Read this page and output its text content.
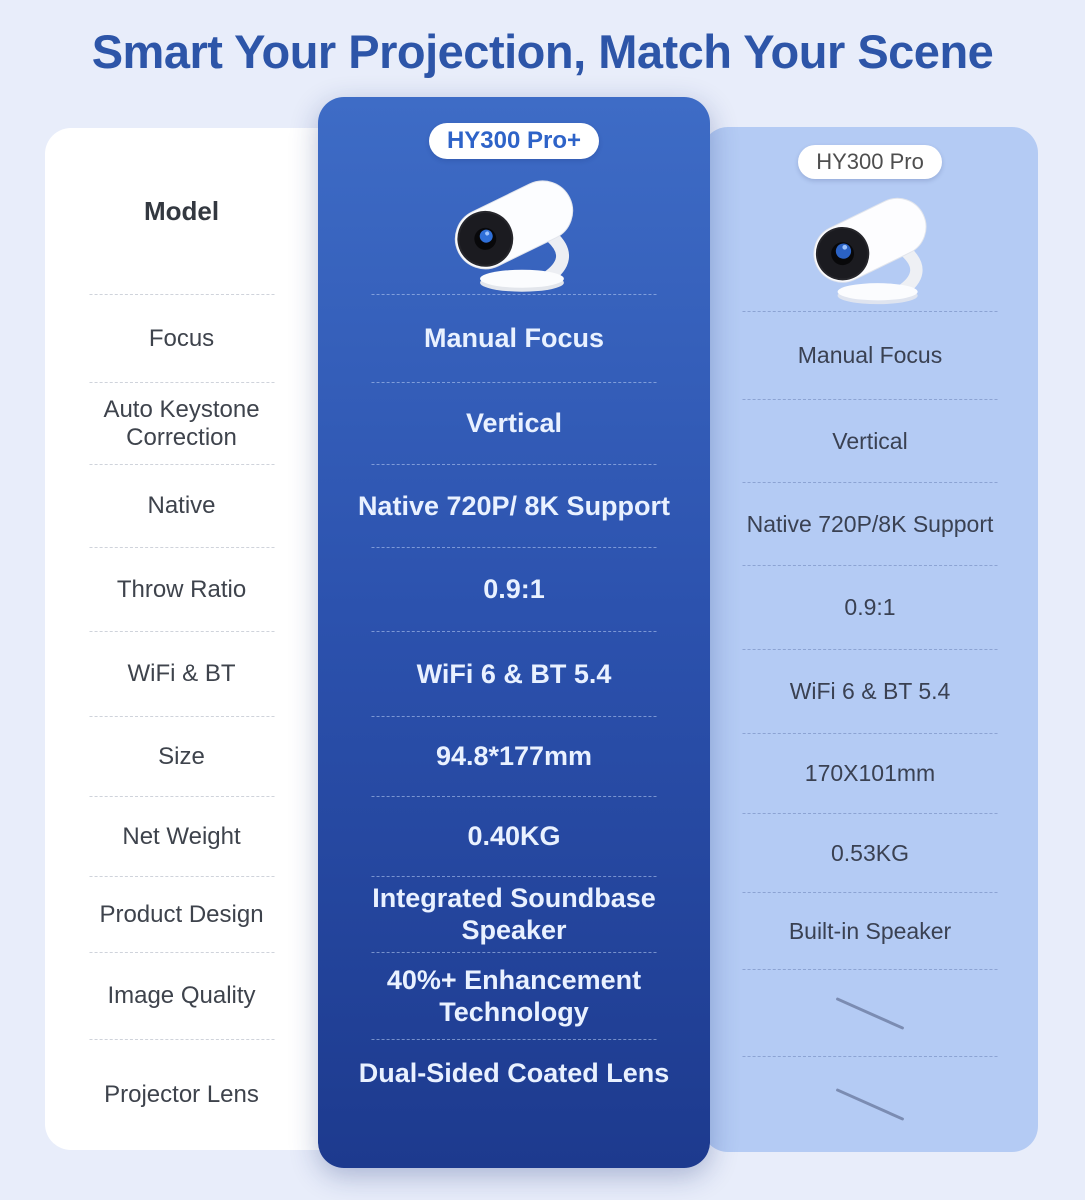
Smart Your Projection, Match Your Scene
Model
Focus
Auto Keystone Correction
Native
Throw Ratio
WiFi & BT
Size
Net Weight
Product Design
Image Quality
Projector Lens
HY300 Pro+
Manual Focus
Vertical
Native 720P/ 8K Support
0.9:1
WiFi 6 & BT 5.4
94.8*177mm
0.40KG
Integrated Soundbase Speaker
40%+ Enhancement Technology
Dual-Sided Coated Lens
HY300 Pro
Manual Focus
Vertical
Native 720P/8K Support
0.9:1
WiFi 6 & BT 5.4
170X101mm
0.53KG
Built-in Speaker
